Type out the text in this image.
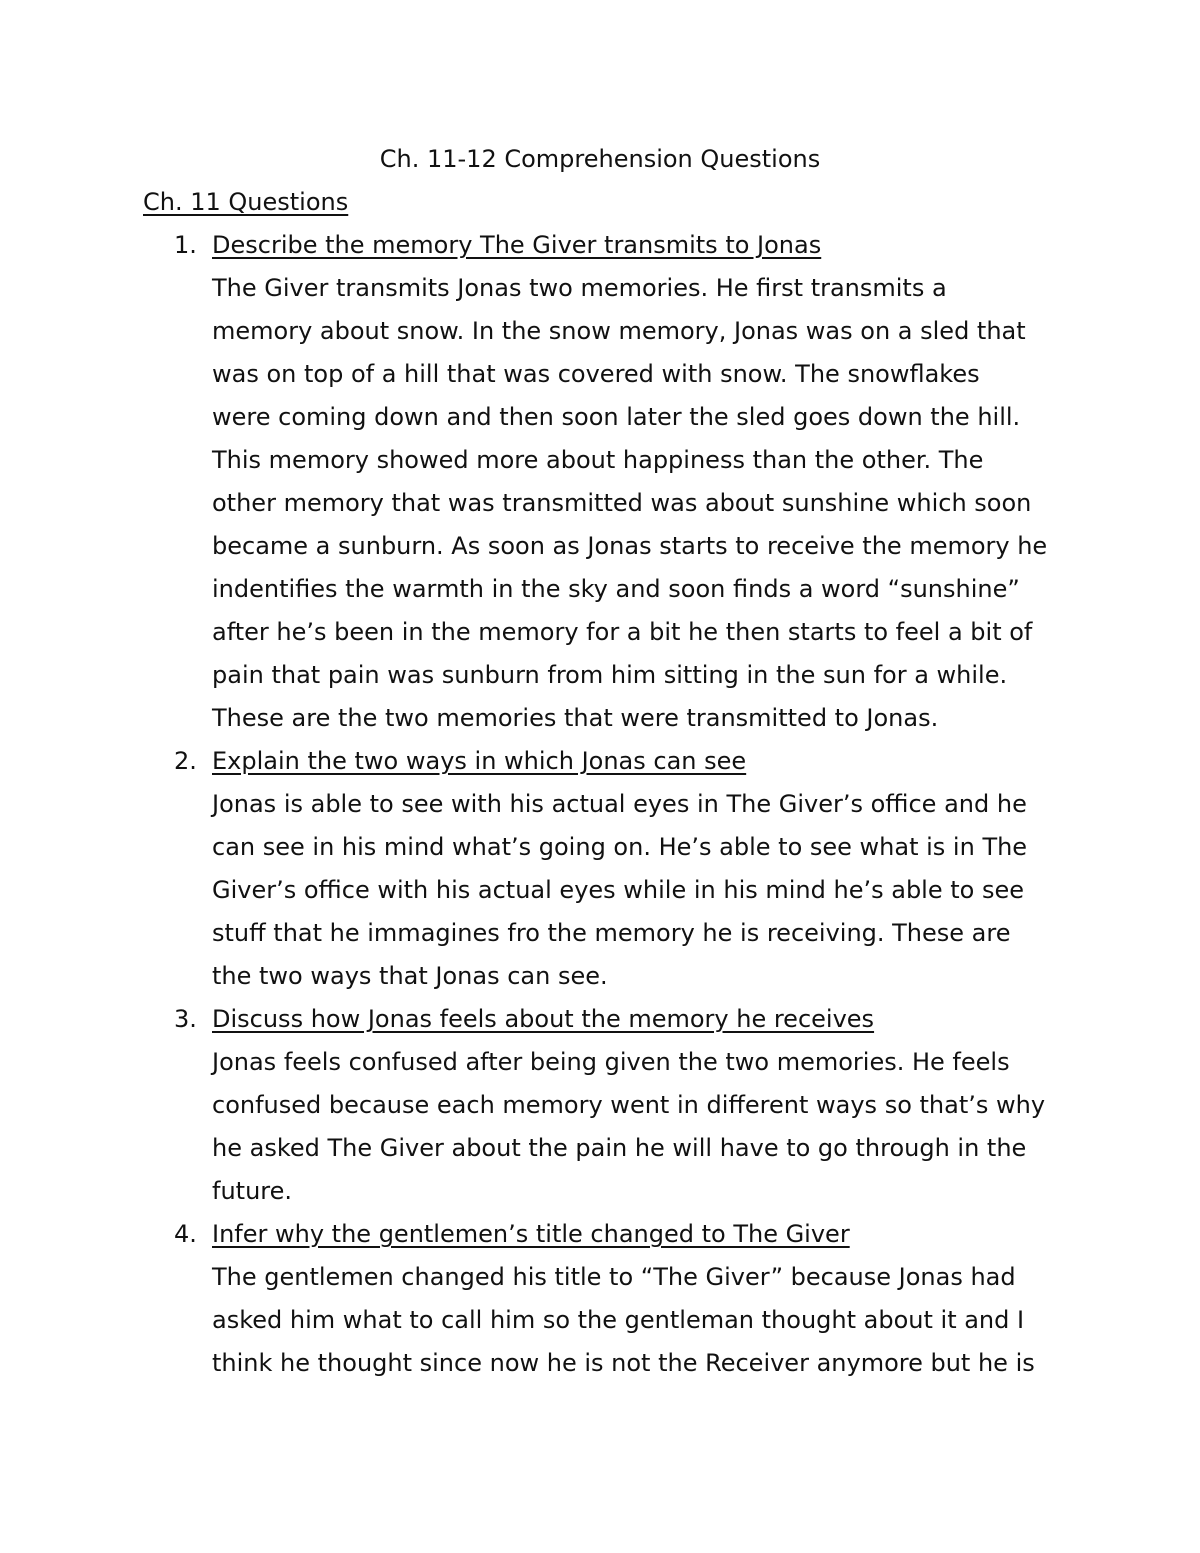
Ch. 11-12 Comprehension Questions
Ch. 11 Questions
1. Describe the memory The Giver transmits to Jonas
The Giver transmits Jonas two memories. He first transmits a
memory about snow. In the snow memory, Jonas was on a sled that
was on top of a hill that was covered with snow. The snowflakes
were coming down and then soon later the sled goes down the hill.
This memory showed more about happiness than the other. The
other memory that was transmitted was about sunshine which soon
became a sunburn. As soon as Jonas starts to receive the memory he
indentifies the warmth in the sky and soon finds a word “sunshine”
after he’s been in the memory for a bit he then starts to feel a bit of
pain that pain was sunburn from him sitting in the sun for a while.
These are the two memories that were transmitted to Jonas.
2. Explain the two ways in which Jonas can see
Jonas is able to see with his actual eyes in The Giver’s office and he
can see in his mind what’s going on. He’s able to see what is in The
Giver’s office with his actual eyes while in his mind he’s able to see
stuff that he immagines fro the memory he is receiving. These are
the two ways that Jonas can see.
3. Discuss how Jonas feels about the memory he receives
Jonas feels confused after being given the two memories. He feels
confused because each memory went in different ways so that’s why
he asked The Giver about the pain he will have to go through in the
future.
4. Infer why the gentlemen’s title changed to The Giver
The gentlemen changed his title to “The Giver” because Jonas had
asked him what to call him so the gentleman thought about it and I
think he thought since now he is not the Receiver anymore but he is
